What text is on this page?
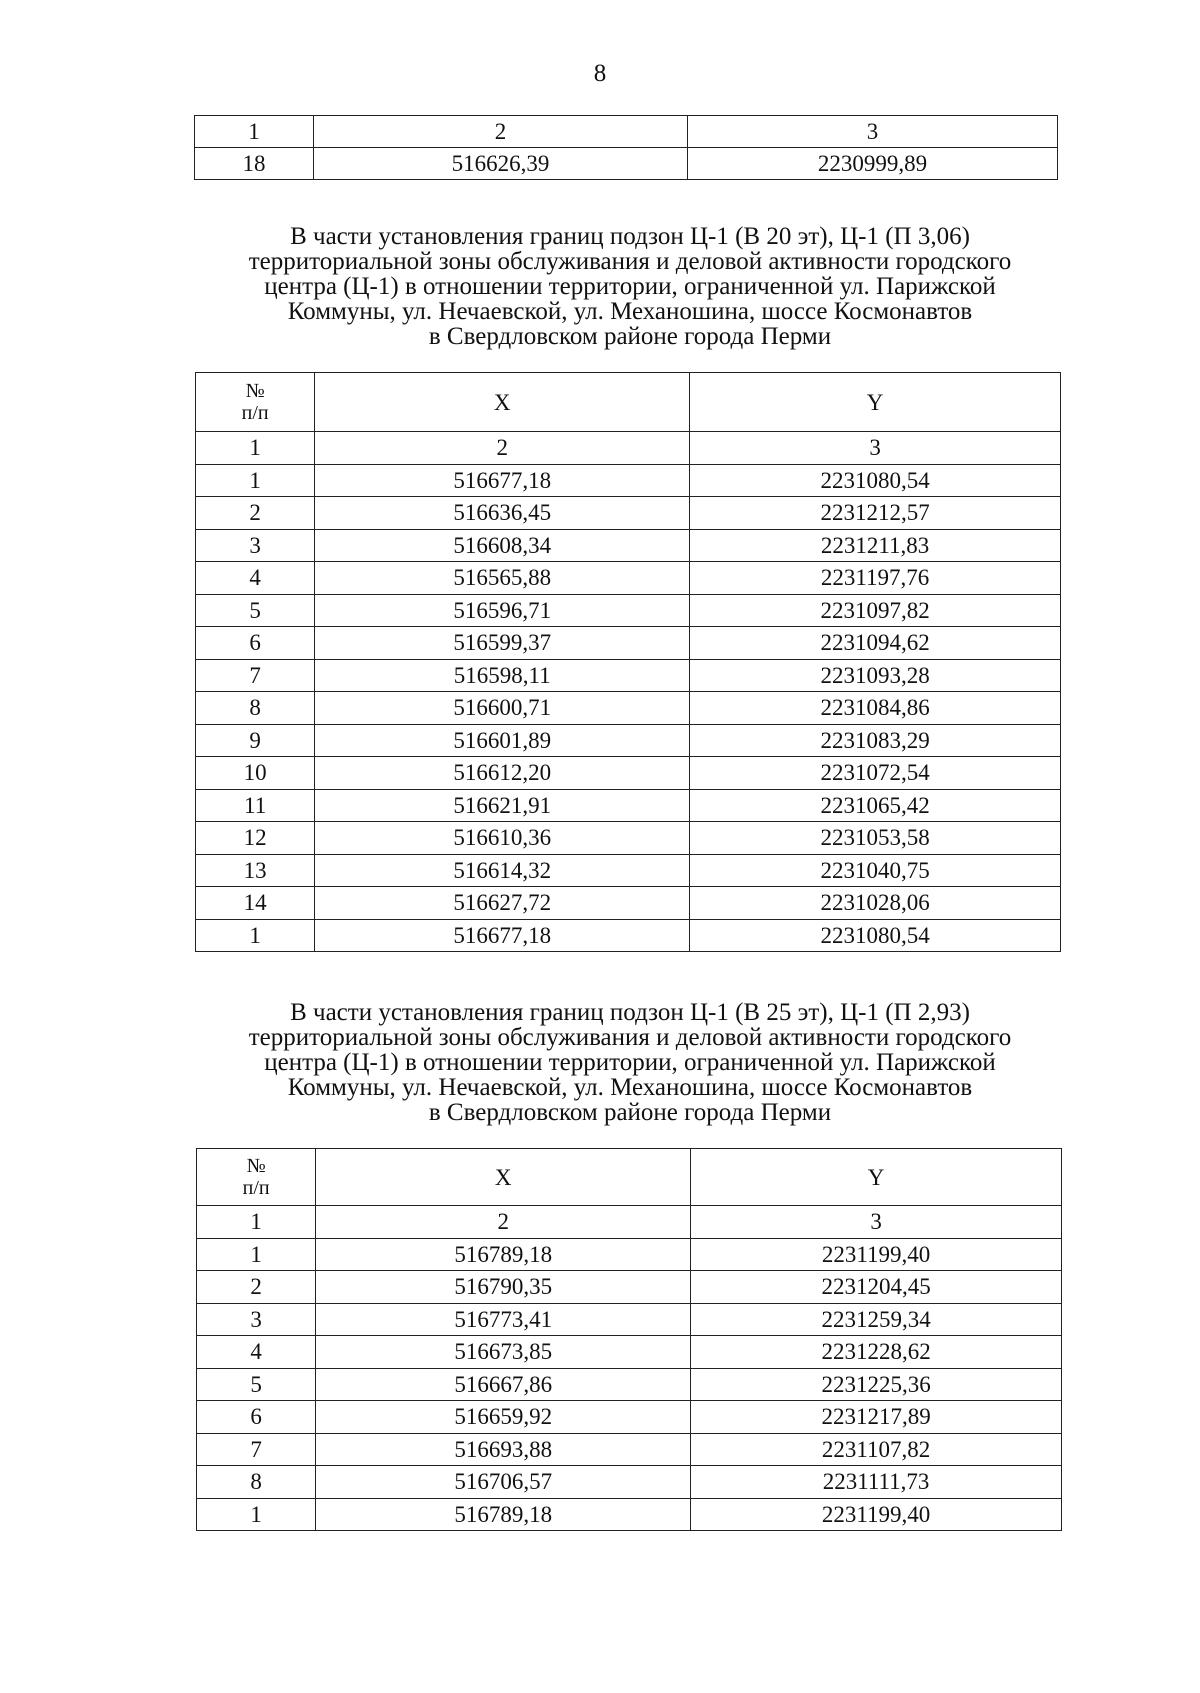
8
1	2	3
18	516626,39	2230999,89
В части установления границ подзон Ц-1 (В 20 эт), Ц-1 (П 3,06)
территориальной зоны обслуживания и деловой активности городского
центра (Ц-1) в отношении территории, ограниченной ул. Парижской
Коммуны, ул. Нечаевской, ул. Механошина, шоссе Космонавтов
в Свердловском районе города Перми
№
п/п	X	Y
1	2	3
1	516677,18	2231080,54
2	516636,45	2231212,57
3	516608,34	2231211,83
4	516565,88	2231197,76
5	516596,71	2231097,82
6	516599,37	2231094,62
7	516598,11	2231093,28
8	516600,71	2231084,86
9	516601,89	2231083,29
10	516612,20	2231072,54
11	516621,91	2231065,42
12	516610,36	2231053,58
13	516614,32	2231040,75
14	516627,72	2231028,06
1	516677,18	2231080,54
В части установления границ подзон Ц-1 (В 25 эт), Ц-1 (П 2,93)
территориальной зоны обслуживания и деловой активности городского
центра (Ц-1) в отношении территории, ограниченной ул. Парижской
Коммуны, ул. Нечаевской, ул. Механошина, шоссе Космонавтов
в Свердловском районе города Перми
№
п/п	X	Y
1	2	3
1	516789,18	2231199,40
2	516790,35	2231204,45
3	516773,41	2231259,34
4	516673,85	2231228,62
5	516667,86	2231225,36
6	516659,92	2231217,89
7	516693,88	2231107,82
8	516706,57	2231111,73
1	516789,18	2231199,40
